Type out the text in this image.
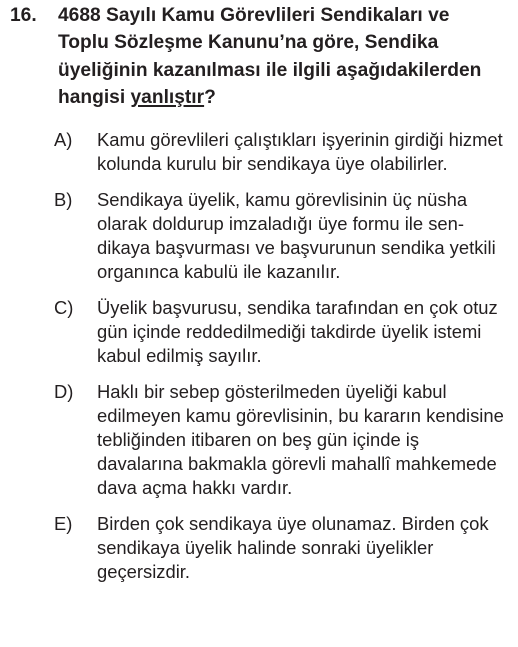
16. 4688 Sayılı Kamu Görevlileri Sendikaları ve Toplu Sözleşme Kanunu’na göre, Sendika üyeliğinin kazanılması ile ilgili aşağıdakilerden hangisi yanlıştır?
A) Kamu görevlileri çalıştıkları işyerinin girdiği hizmet kolunda kurulu bir sendikaya üye olabilirler.
B) Sendikaya üyelik, kamu görevlisinin üç nüsha olarak doldurup imzaladığı üye formu ile sendikaya başvurması ve başvurunun sendika yetkili organınca kabulü ile kazanılır.
C) Üyelik başvurusu, sendika tarafından en çok otuz gün içinde reddedilmediği takdirde üyelik istemi kabul edilmiş sayılır.
D) Haklı bir sebep gösterilmeden üyeliği kabul edilmeyen kamu görevlisinin, bu kararın kendisine tebliğinden itibaren on beş gün içinde iş davalarına bakmakla görevli mahallî mahkemede dava açma hakkı vardır.
E) Birden çok sendikaya üye olunamaz. Birden çok sendikaya üyelik halinde sonraki üyelikler geçersizdir.
